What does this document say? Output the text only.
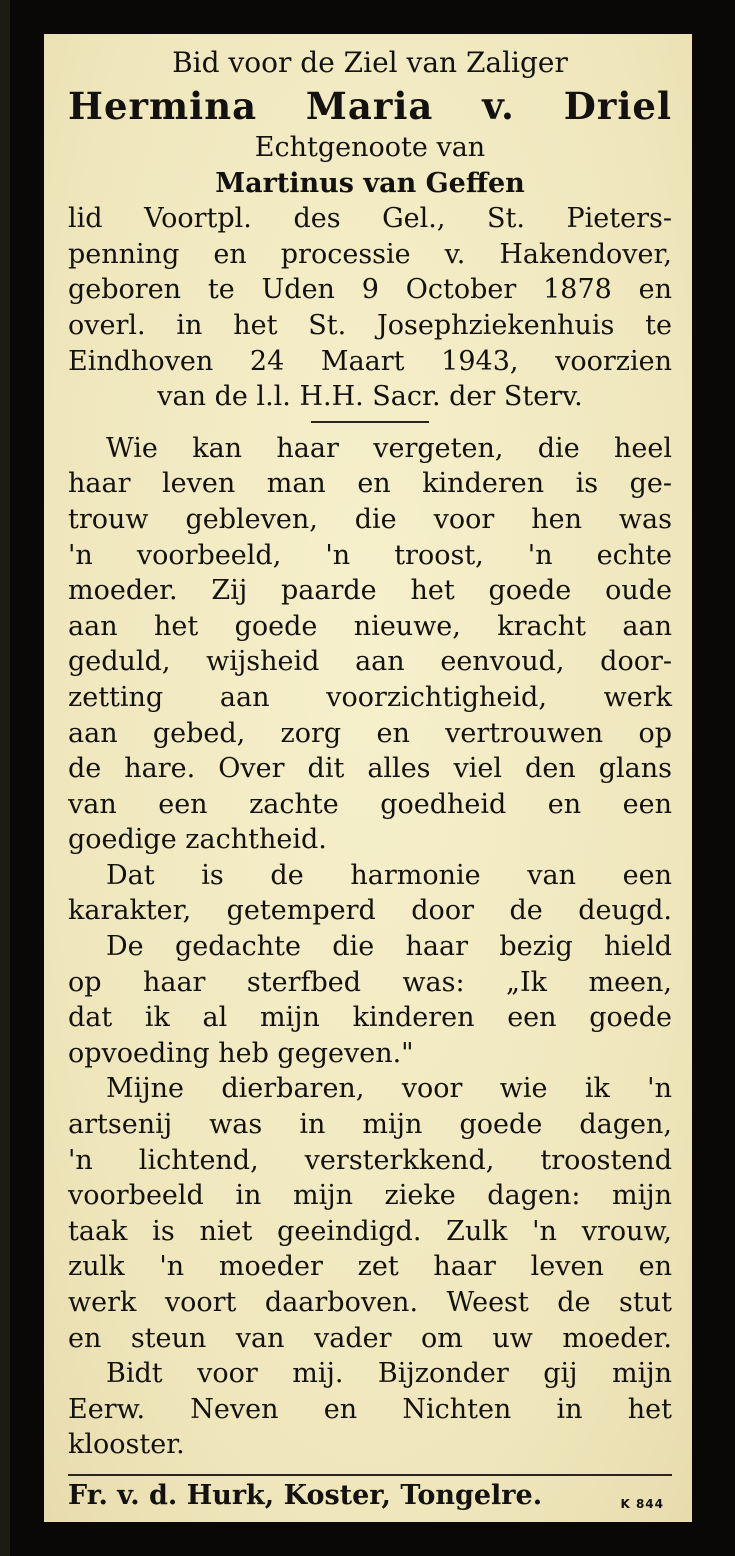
Bid voor de Ziel van Zaliger
Hermina Maria v. Driel
Echtgenoote van
Martinus van Geffen
lid Voortpl. des Gel., St. Pieters-
penning en processie v. Hakendover,
geboren te Uden 9 October 1878 en
overl. in het St. Josephziekenhuis te
Eindhoven 24 Maart 1943, voorzien
van de l.l. H.H. Sacr. der Sterv.
Wie kan haar vergeten, die heel
haar leven man en kinderen is ge-
trouw gebleven, die voor hen was
'n voorbeeld, 'n troost, 'n echte
moeder. Zij paarde het goede oude
aan het goede nieuwe, kracht aan
geduld, wijsheid aan eenvoud, door-
zetting aan voorzichtigheid, werk
aan gebed, zorg en vertrouwen op
de hare. Over dit alles viel den glans
van een zachte goedheid en een
goedige zachtheid.
Dat is de harmonie van een
karakter, getemperd door de deugd.
De gedachte die haar bezig hield
op haar sterfbed was: „Ik meen,
dat ik al mijn kinderen een goede
opvoeding heb gegeven."
Mijne dierbaren, voor wie ik 'n
artsenij was in mijn goede dagen,
'n lichtend, versterkkend, troostend
voorbeeld in mijn zieke dagen: mijn
taak is niet geeindigd. Zulk 'n vrouw,
zulk 'n moeder zet haar leven en
werk voort daarboven. Weest de stut
en steun van vader om uw moeder.
Bidt voor mij. Bijzonder gij mijn
Eerw. Neven en Nichten in het
klooster.
Fr. v. d. Hurk, Koster, Tongelre.	K 844
